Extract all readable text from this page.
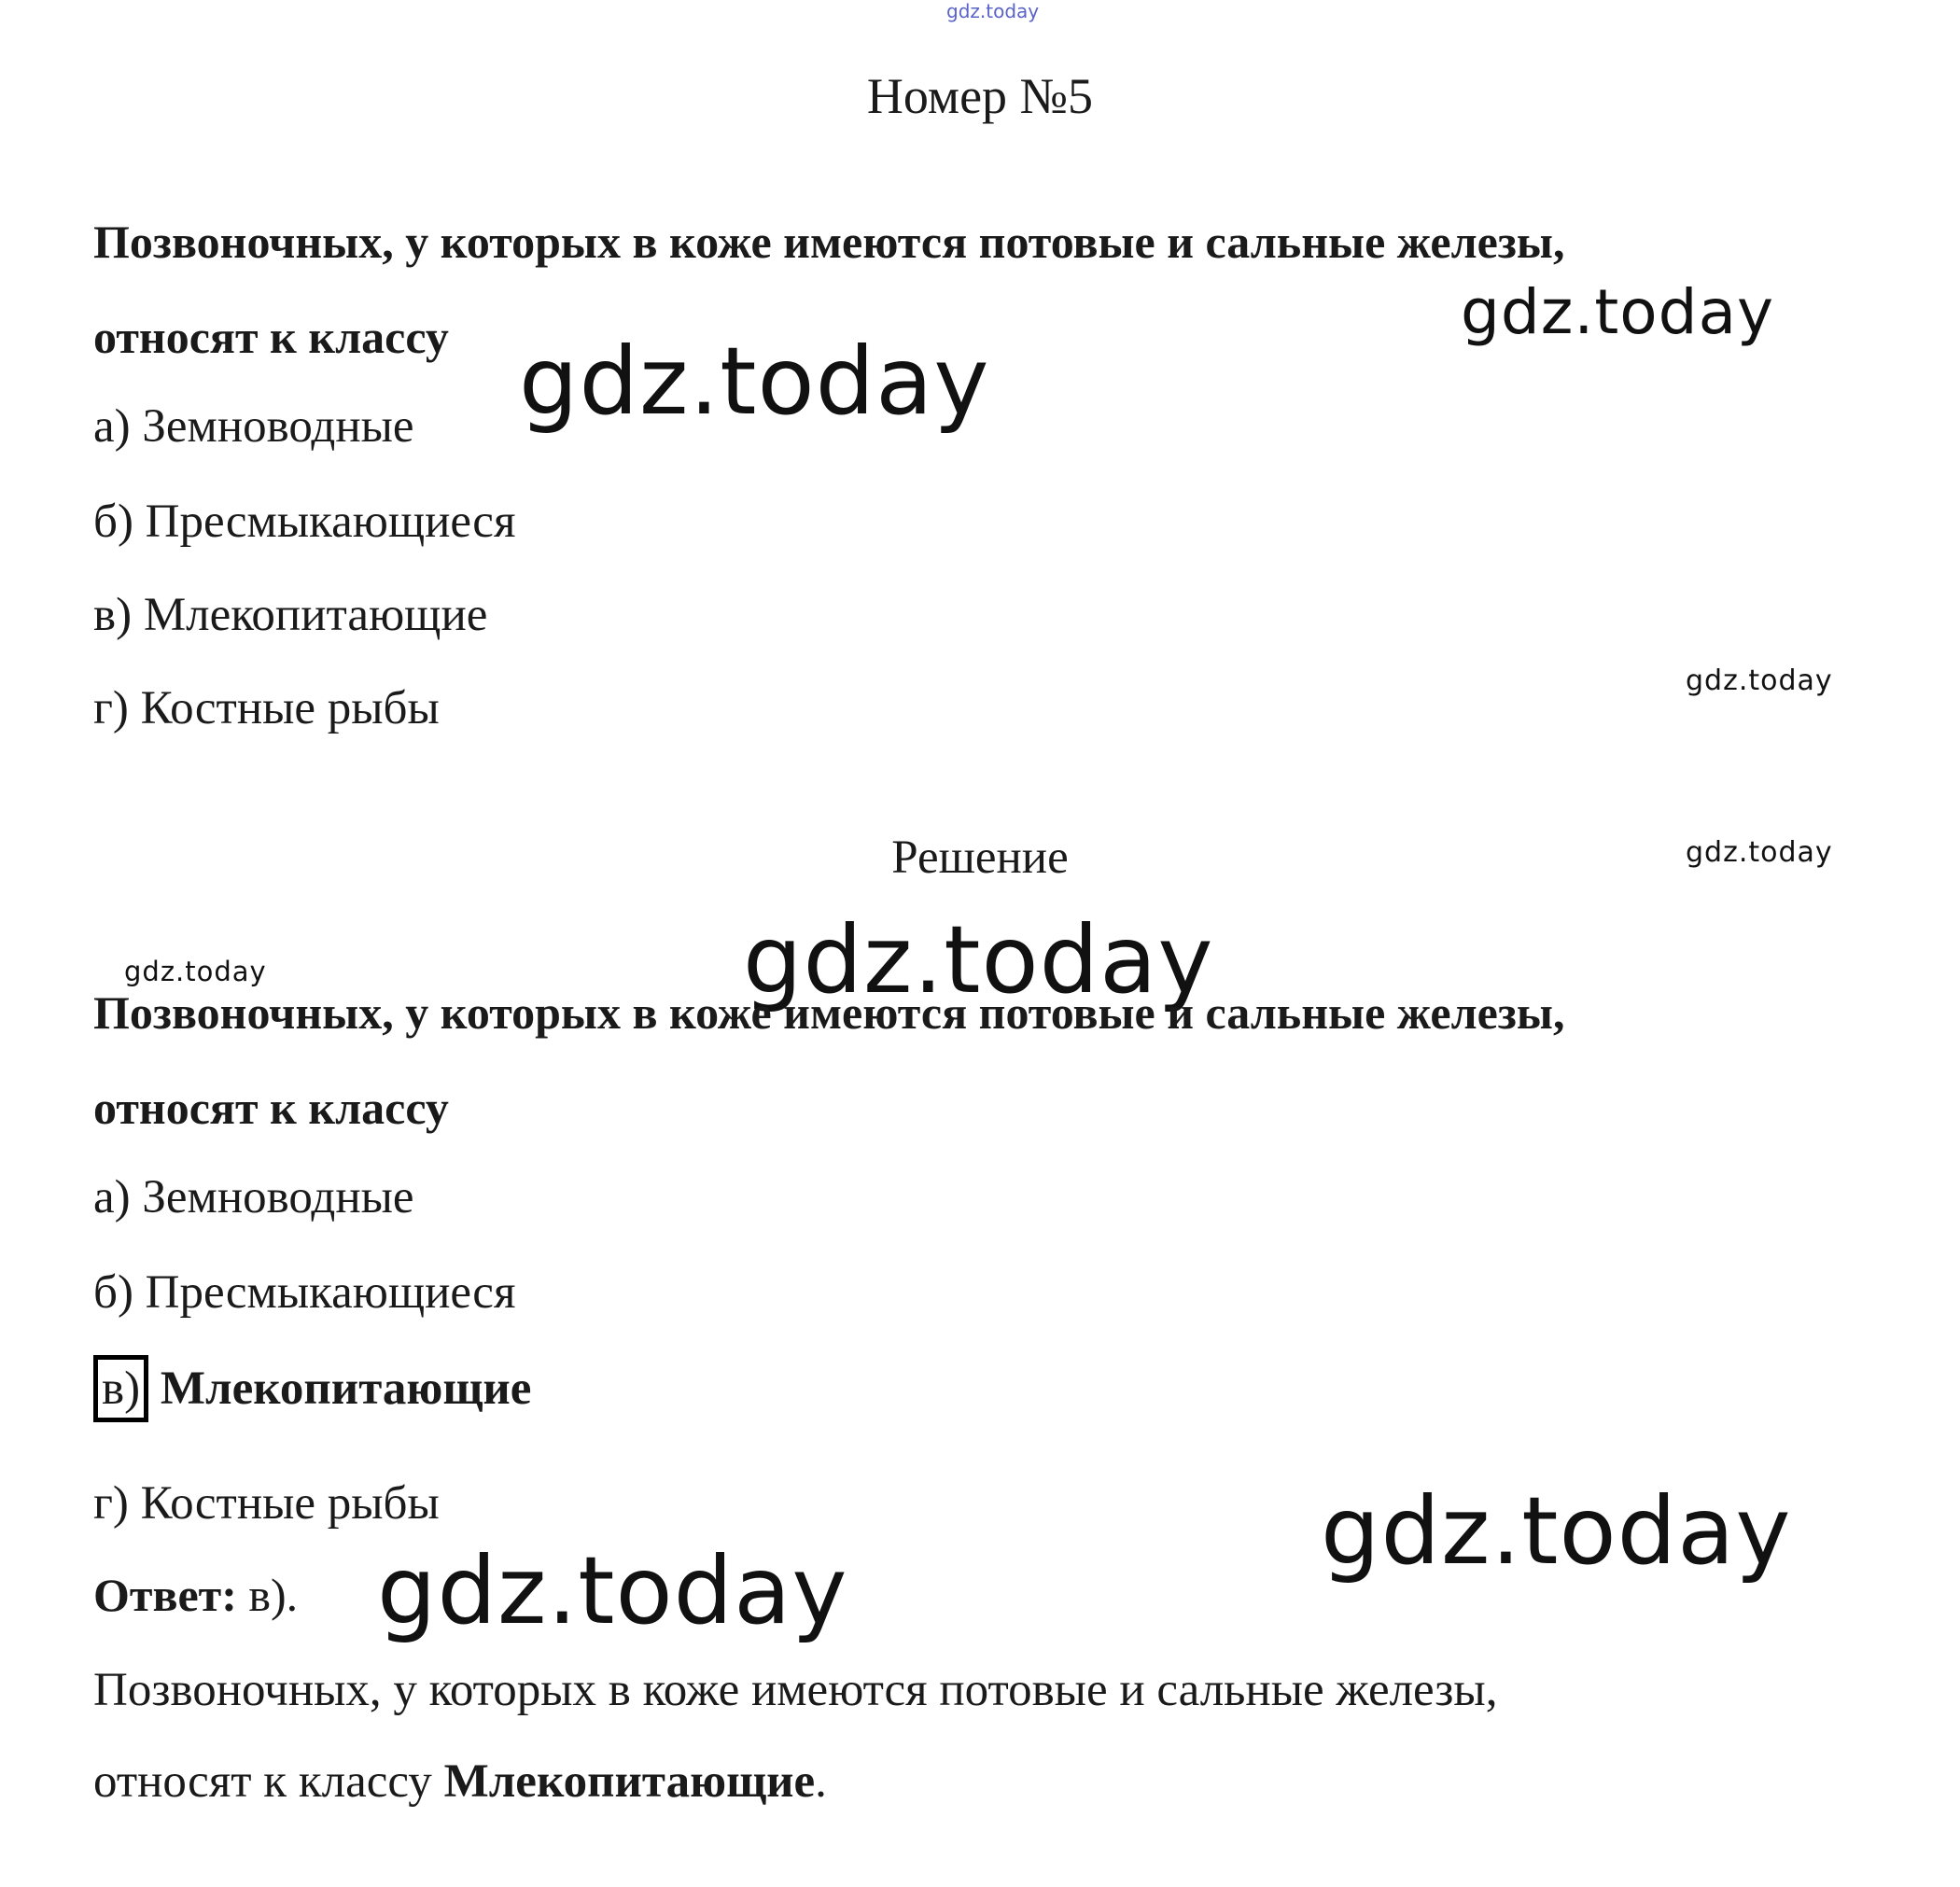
gdz.today
gdz.today
gdz.today
gdz.today
gdz.today
gdz.today	gdz.today
gdz.today
gdz.today
Номер №5
Позвоночных, у которых в коже имеются потовые и сальные железы,
относят к классу
а) Земноводные
б) Пресмыкающиеся
в) Млекопитающие
г) Костные рыбы
Решение
Позвоночных, у которых в коже имеются потовые и сальные железы,
относят к классу
а) Земноводные
б) Пресмыкающиеся
в) Млекопитающие
г) Костные рыбы
Ответ: в).
Позвоночных, у которых в коже имеются потовые и сальные железы,
относят к классу Млекопитающие.
